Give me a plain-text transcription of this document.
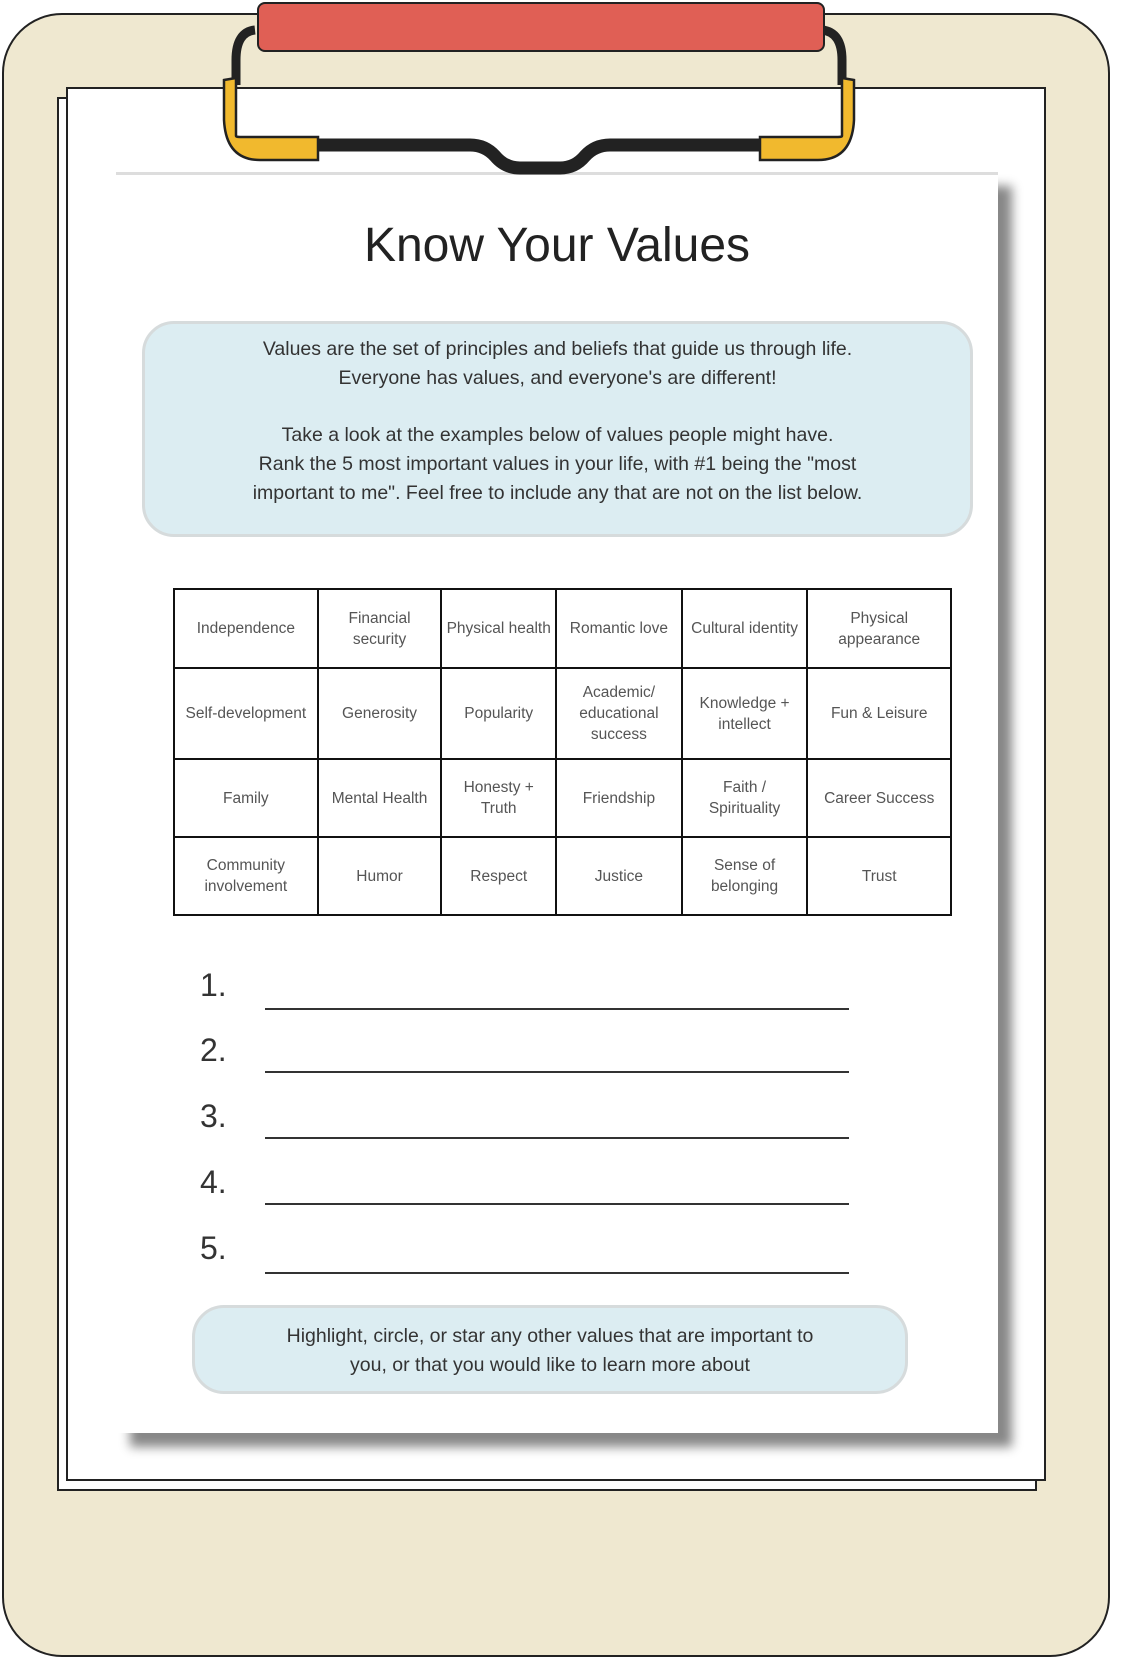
Know Your Values

Values are the set of principles and beliefs that guide us through life.

Everyone has values, and everyone's are different!

Take a look at the examples below of values people might have.

Rank the 5 most important values in your life, with #1 being the "most

important to me". Feel free to include any that are not on the list below.

Independence	Financial security	Physical health	Romantic love	Cultural identity	Physical appearance
Self-development	Generosity	Popularity	Academic/ educational success	Knowledge + intellect	Fun & Leisure
Family	Mental Health	Honesty + Truth	Friendship	Faith / Spirituality	Career Success
Community involvement	Humor	Respect	Justice	Sense of belonging	Trust
1.
2.
3.
4.
5.
Highlight, circle, or star any other values that are important to
you, or that you would like to learn more about
